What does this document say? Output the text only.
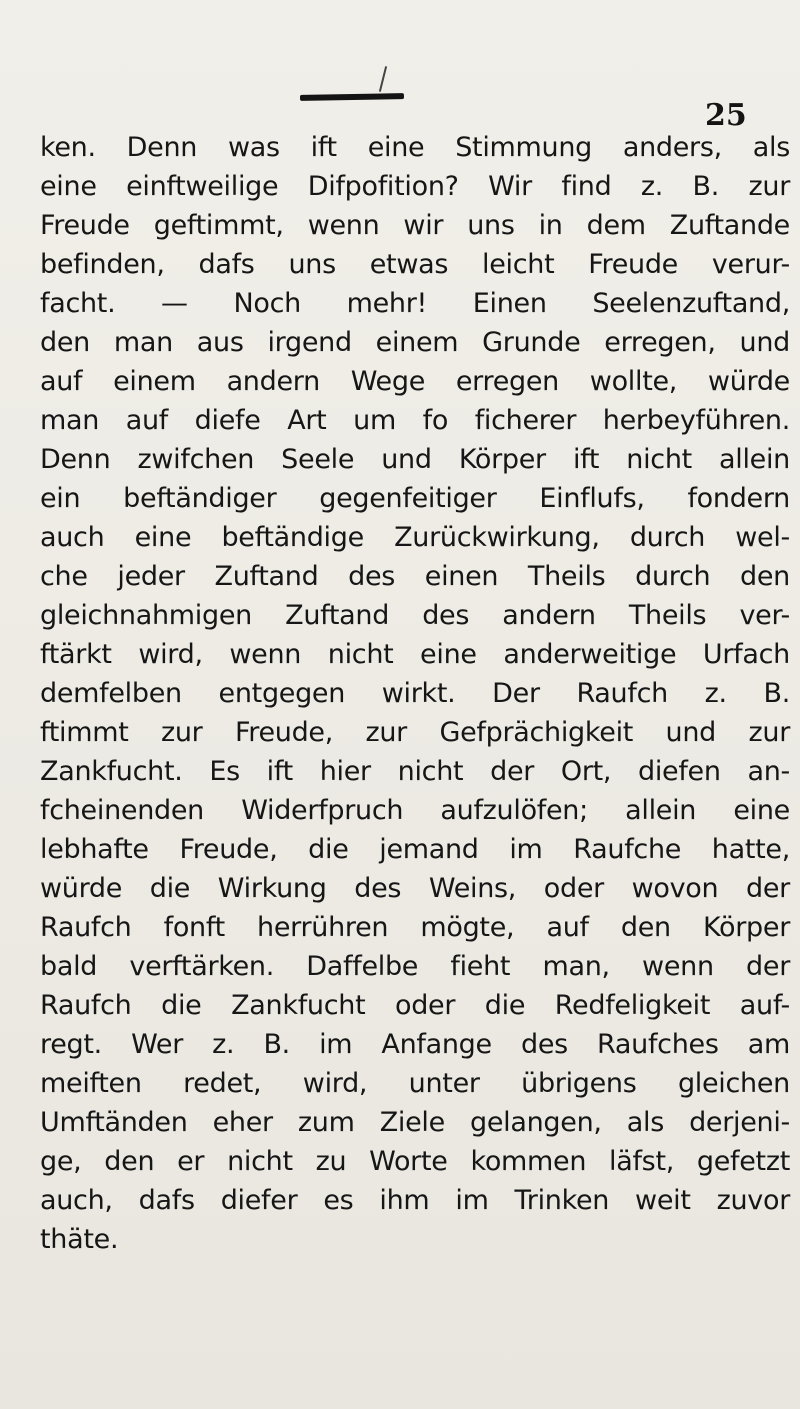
25
ken. Denn was ift eine Stimmung anders, als
eine einftweilige Difpofition? Wir find z. B. zur
Freude geftimmt, wenn wir uns in dem Zuftande
befinden, dafs uns etwas leicht Freude verur-
facht. — Noch mehr! Einen Seelenzuftand,
den man aus irgend einem Grunde erregen, und
auf einem andern Wege erregen wollte, würde
man auf diefe Art um fo ficherer herbeyführen.
Denn zwifchen Seele und Körper ift nicht allein
ein beftändiger gegenfeitiger Einflufs, fondern
auch eine beftändige Zurückwirkung, durch wel-
che jeder Zuftand des einen Theils durch den
gleichnahmigen Zuftand des andern Theils ver-
ftärkt wird, wenn nicht eine anderweitige Urfach
demfelben entgegen wirkt. Der Raufch z. B.
ftimmt zur Freude, zur Gefprächigkeit und zur
Zankfucht. Es ift hier nicht der Ort, diefen an-
fcheinenden Widerfpruch aufzulöfen; allein eine
lebhafte Freude, die jemand im Raufche hatte,
würde die Wirkung des Weins, oder wovon der
Raufch fonft herrühren mögte, auf den Körper
bald verftärken. Daffelbe fieht man, wenn der
Raufch die Zankfucht oder die Redfeligkeit auf-
regt. Wer z. B. im Anfange des Raufches am
meiften redet, wird, unter übrigens gleichen
Umftänden eher zum Ziele gelangen, als derjeni-
ge, den er nicht zu Worte kommen läfst, gefetzt
auch, dafs diefer es ihm im Trinken weit zuvor
thäte.
